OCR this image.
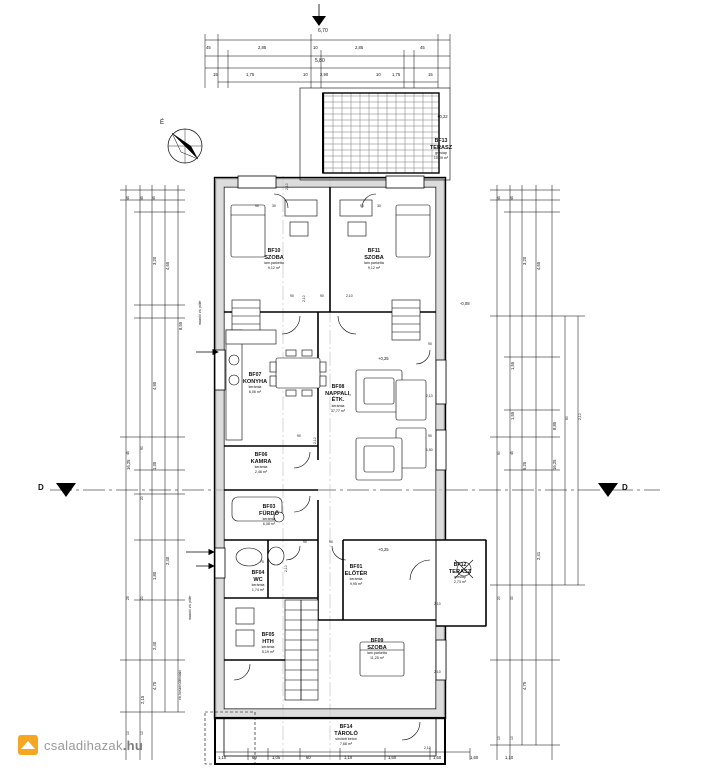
6,70
45	2,85	10	2,85	45
5,80
15	1,75	10	2,90	10	1,75	15
É
D	D
16,25
3,20
4,90
1,30
1,80
4,75
4,65
8,55
2,40
2,40
2,15
45	45 45
90
45
20
25	20
10	10
maxoló vb. pillér
maxoló vb. pillér
vb. koszorú/áthidaló
16,25
3,20
1,55
1,55
5,25
4,75
4,65
8,85
2,41
45	45
90	45
20	30
10	10
60	2,10
1,10	60	1,05	60	1,10	1,60	1,60	1,60	1,10
+0,22
-0,08
+0,25
+0,25
BF10
SZOBA
lam.parketta
9,12 m²
BF11
SZOBA
lam.parketta
9,12 m²
BF13
TERASZ
greslap
10,09 m²
BF07
KONYHA
kerámia
6,06 m²
BF08
NAPPALI,
ÉTK.
kerámia
37,77 m²
BF06
KAMRA
kerámia
2,48 m²
BF03
FÜRDŐ
kerámia
6,08 m²
BF04
WC
kerámia
1,74 m²
BF05
HTH
kerámia
5,19 m²
BF01
ELŐTÉR
kerámia
9,95 m²
BF09
SZOBA
lam.parketta
11,25 m²
BF12
TERASZ
greslap
2,73 m²
BF14
TÁROLÓ
simított beton
7,68 m²
90	30	90	30
2,10
90 2,10	90	2,10
90
2,10
90
1,50
90
2,10
75
2,10
90	90
2,10
2,10
2,10
csaladihazak.hu
